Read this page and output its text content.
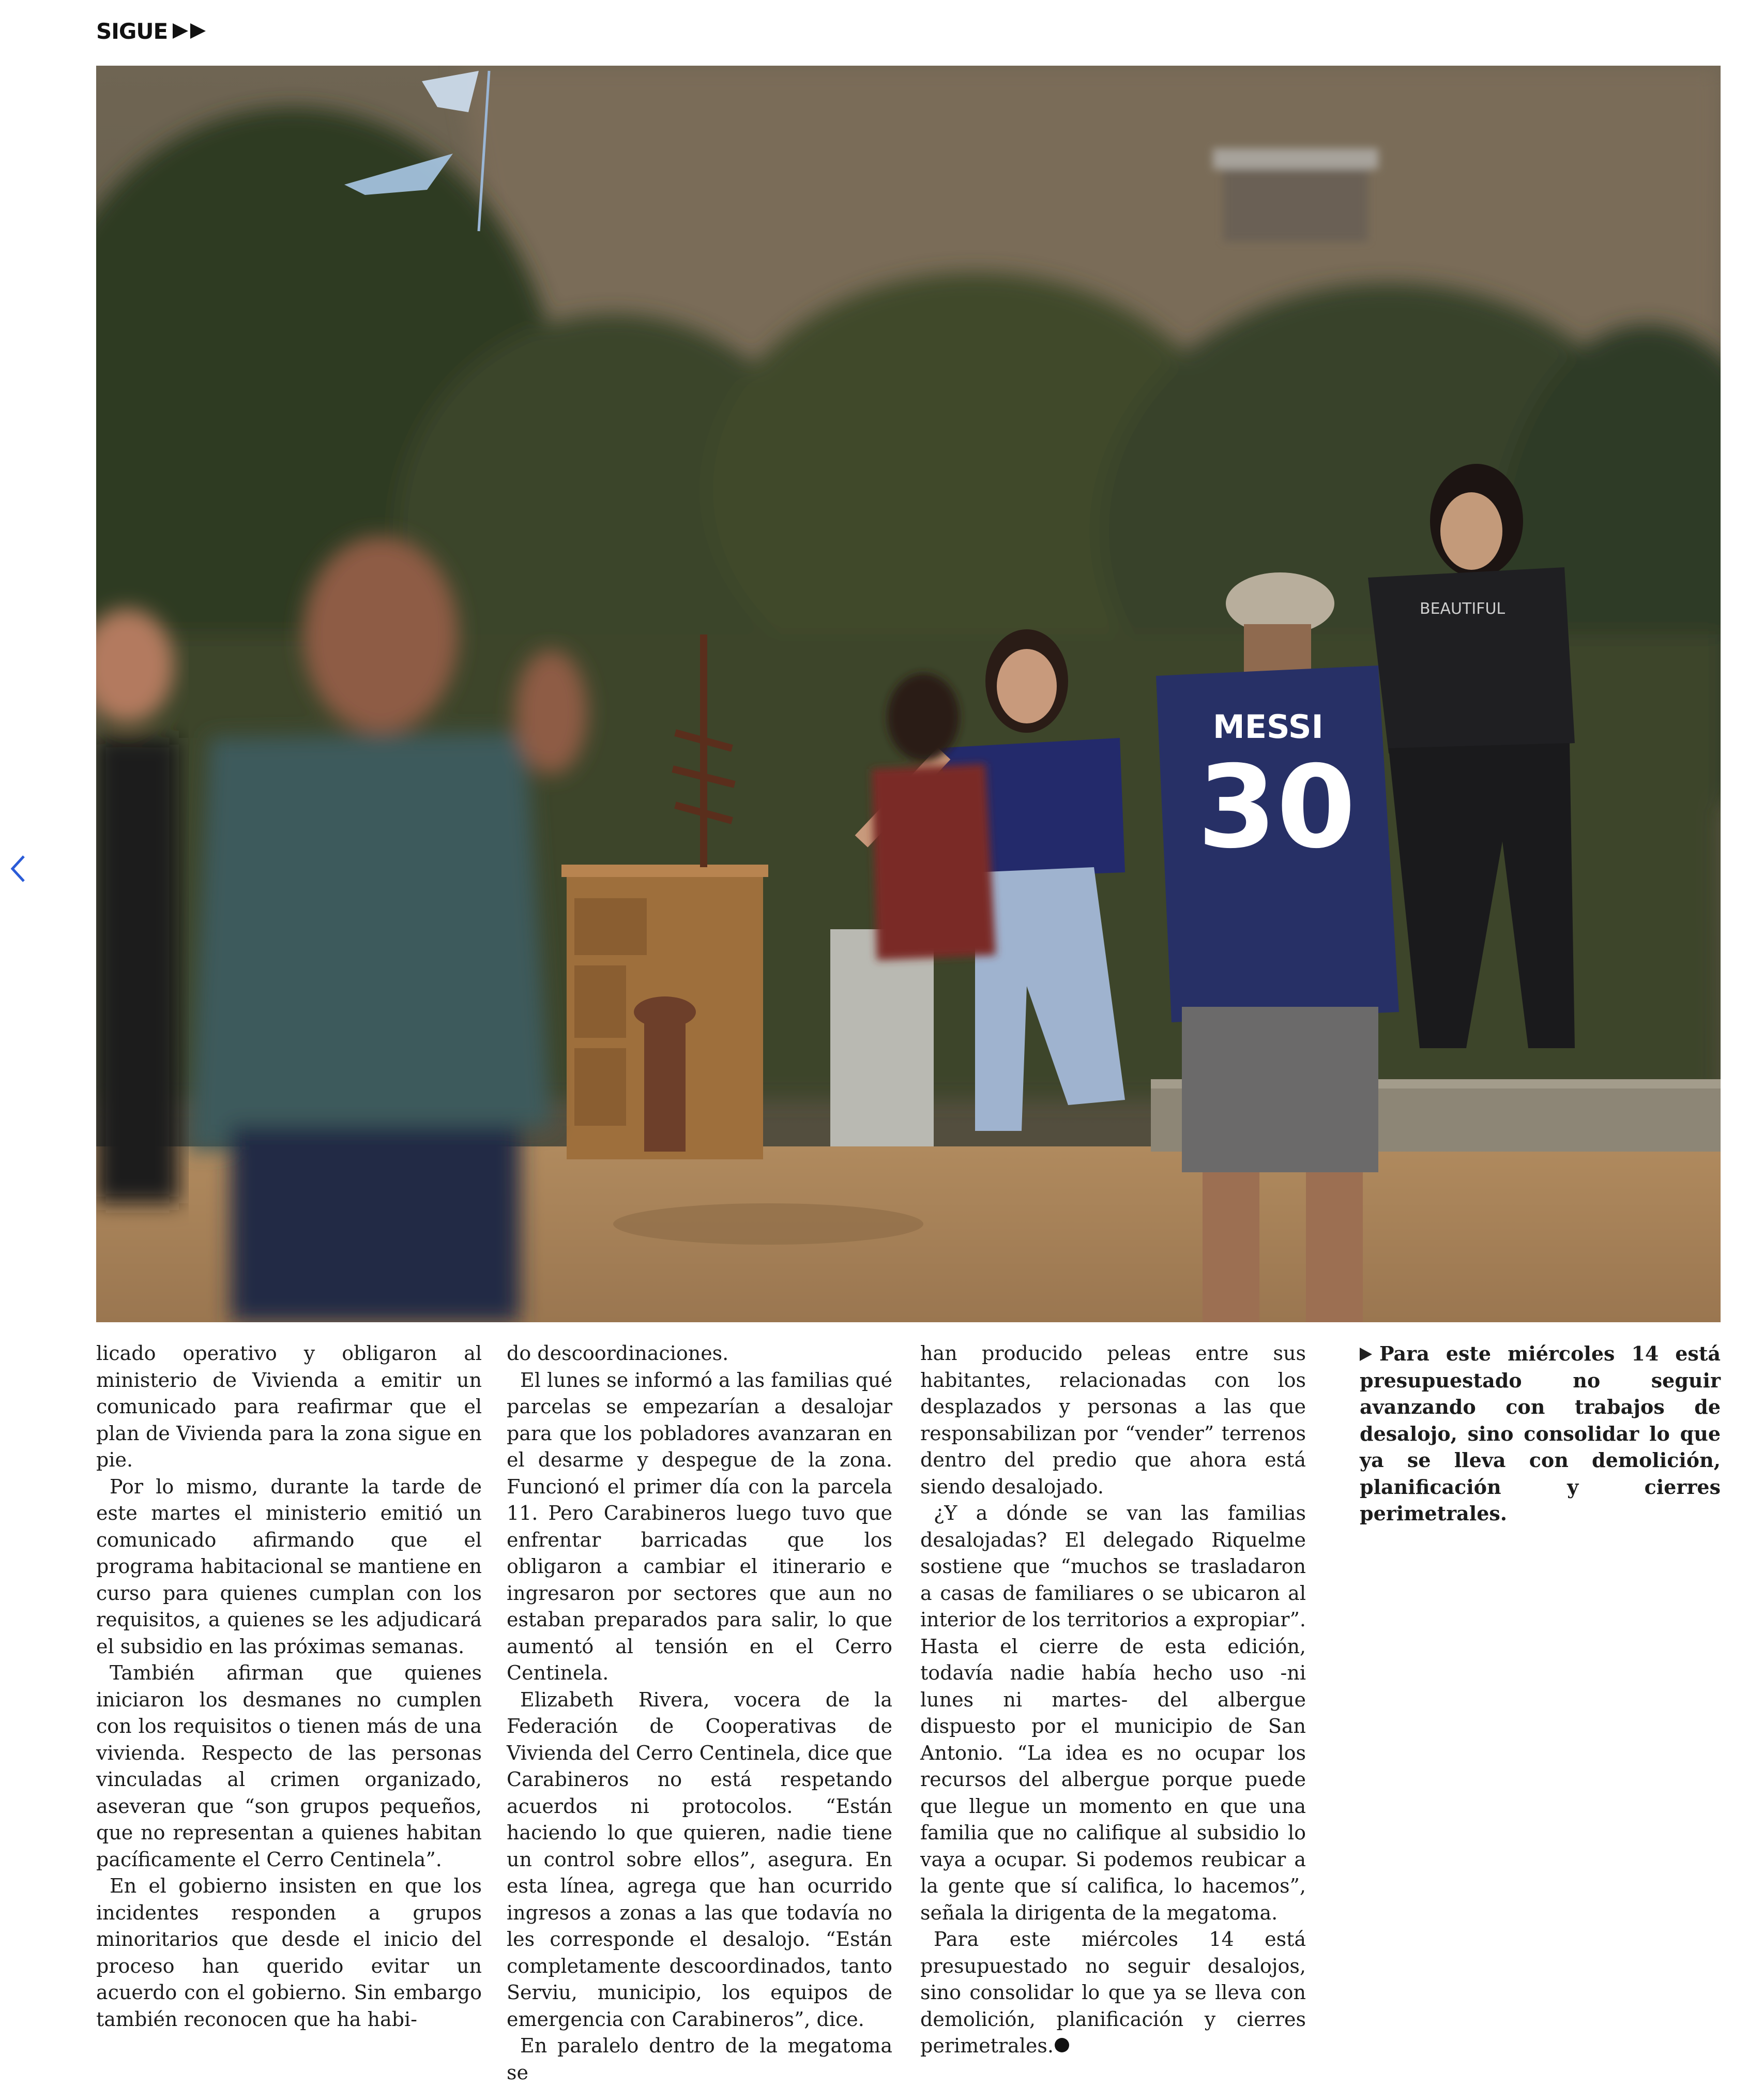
SIGUE
BEAUTIFUL
MESSI
30

licado operativo y obligaron al ministerio de Vivienda a emitir un comunicado para reafirmar que el plan de Vivienda para la zona sigue en pie.

Por lo mismo, durante la tarde de este martes el ministerio emitió un comunicado afirmando que el programa habitacional se mantiene en curso para quienes cumplan con los requisitos, a quienes se les adjudicará el subsidio en las próximas semanas.

También afirman que quienes iniciaron los desmanes no cumplen con los requisitos o tienen más de una vivienda. Respecto de las personas vinculadas al crimen organizado, aseveran que “son grupos pequeños, que no representan a quienes habitan pacíficamente el Cerro Centinela”.

En el gobierno insisten en que los incidentes responden a grupos minoritarios que desde el inicio del proceso han querido evitar un acuerdo con el gobierno. Sin embargo también reconocen que ha habi-

do descoordinaciones.

El lunes se informó a las familias qué parcelas se empezarían a desalojar para que los pobladores avanzaran en el desarme y despegue de la zona. Funcionó el primer día con la parcela 11. Pero Carabineros luego tuvo que enfrentar barricadas que los obligaron a cambiar el itinerario e ingresaron por sectores que aun no estaban preparados para salir, lo que aumentó al tensión en el Cerro Centinela.

Elizabeth Rivera, vocera de la Federación de Cooperativas de Vivienda del Cerro Centinela, dice que Carabineros no está respetando acuerdos ni protocolos. “Están haciendo lo que quieren, nadie tiene un control sobre ellos”, asegura. En esta línea, agrega que han ocurrido ingresos a zonas a las que todavía no les corresponde el desalojo. “Están completamente descoordinados, tanto Serviu, municipio, los equipos de emergencia con Carabineros”, dice.

En paralelo dentro de la megatoma se

han producido peleas entre sus habitantes, relacionadas con los desplazados y personas a las que responsabilizan por “vender” terrenos dentro del predio que ahora está siendo desalojado.

¿Y a dónde se van las familias desalojadas? El delegado Riquelme sostiene que “muchos se trasladaron a casas de familiares o se ubicaron al interior de los territorios a expropiar”. Hasta el cierre de esta edición, todavía nadie había hecho uso -ni lunes ni martes- del albergue dispuesto por el municipio de San Antonio. “La idea es no ocupar los recursos del albergue porque puede que llegue un momento en que una familia que no califique al subsidio lo vaya a ocupar. Si podemos reubicar a la gente que sí califica, lo hacemos”, señala la dirigenta de la megatoma.

Para este miércoles 14 está presupuestado no seguir desalojos, sino consolidar lo que ya se lleva con demolición, planificación y cierres perimetrales.

Para este miércoles 14 está presupuestado no seguir avanzando con trabajos de desalojo, sino consolidar lo que ya se lleva con demolición, planificación y cierres perimetrales.
